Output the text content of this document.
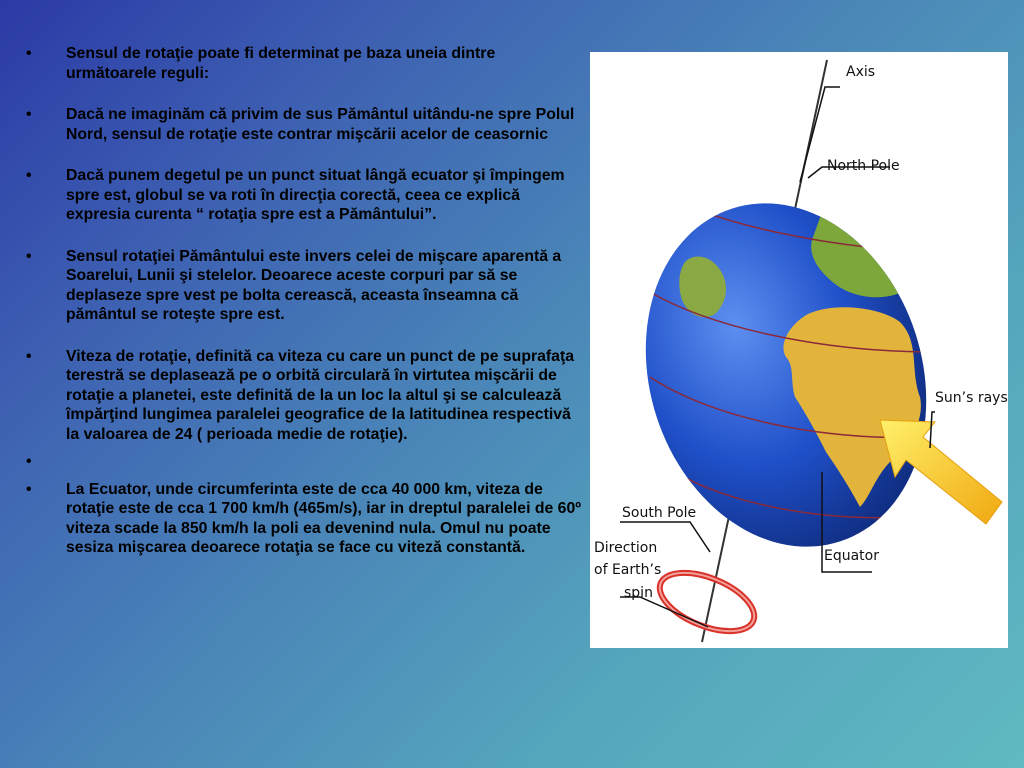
•	Sensul de rotaţie poate fi determinat pe baza uneia dintre următoarele reguli:
•	Dacă ne imaginăm că privim de sus Pământul uitându-ne spre Polul Nord, sensul de rotaţie este contrar mişcării acelor de ceasornic
•	Dacă punem degetul pe un punct situat lângă ecuator şi împingem spre est, globul se va roti în direcţia corectă, ceea ce explică expresia curenta “ rotaţia spre est a Pământului”.
•	Sensul rotaţiei Pământului este invers celei de mişcare aparentă a Soarelui, Lunii şi stelelor. Deoarece aceste corpuri par să se deplaseze spre vest pe bolta cerească, aceasta înseamna că pământul se roteşte spre est.
•	Viteza de rotaţie, definită ca viteza cu care un punct de pe suprafaţa terestră se deplasează pe o orbită circulară în virtutea mişcării de rotaţie a planetei, este definită de la un loc la altul şi se calculează împărţind lungimea paralelei geografice de la latitudinea respectivă la valoarea de 24 ( perioada medie de rotaţie).
•

•	La Ecuator, unde circumferinta este de cca 40 000 km, viteza de rotaţie este de cca 1 700 km/h (465m/s), iar in dreptul paralelei de 60º viteza scade la 850 km/h la poli ea devenind nula. Omul nu poate sesiza mişcarea deoarece rotaţia se face cu viteză constantă.
Axis
North Pole
Sun’s rays
South Pole
Direction
of Earth’s
spin
Equator
